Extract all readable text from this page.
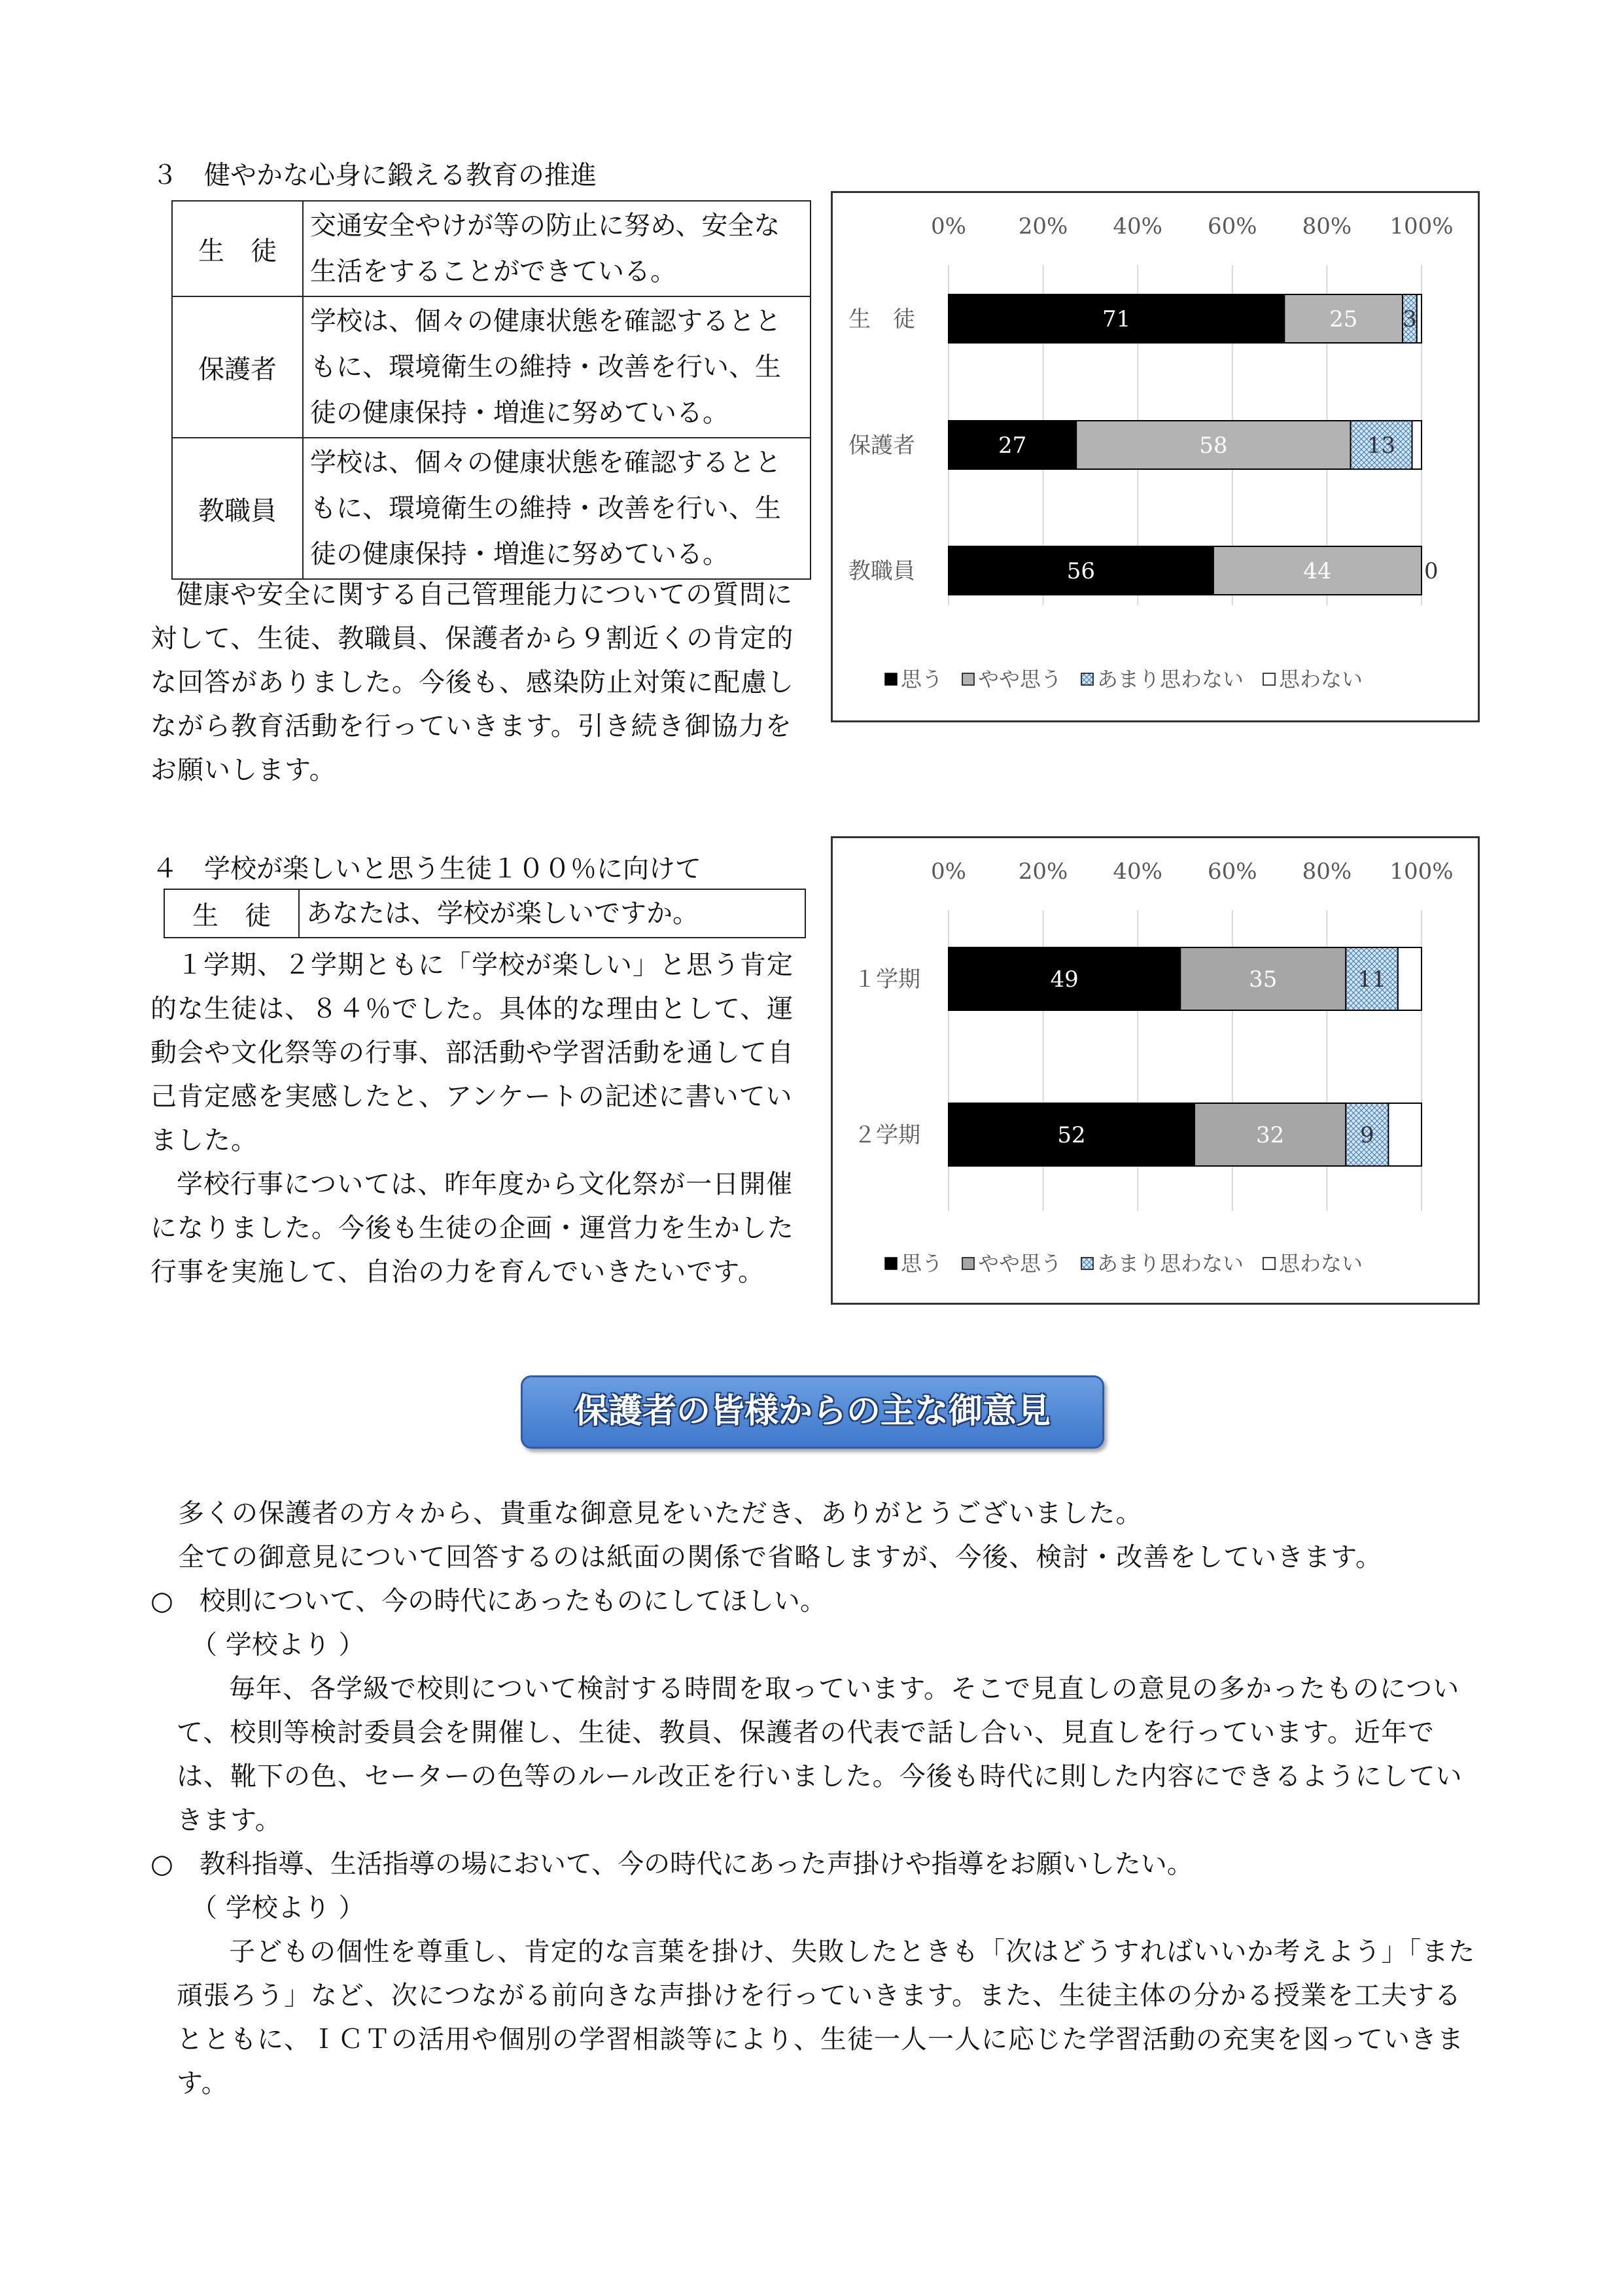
３　健やかな心身に鍛える教育の推進
生　徒	交通安全やけが等の防止に努め、安全な生活をすることができている。
保護者	学校は、個々の健康状態を確認するとともに、環境衛生の維持・改善を行い、生徒の健康保持・増進に努めている。
教職員	学校は、個々の健康状態を確認するとともに、環境衛生の維持・改善を行い、生徒の健康保持・増進に努めている。

健康や安全に関する自己管理能力についての質問に対して、生徒、教職員、保護者から９割近くの肯定的な回答がありました。今後も、感染防止対策に配慮しながら教育活動を行っていきます。引き続き御協力をお願いします。

0% 20% 40% 60% 80% 100%
生　徒	71	25 3
保護者	27	58	13
教職員	56	44	0
思う やや思う あまり思わない 思わない
４　学校が楽しいと思う生徒１００％に向けて
生　徒	あなたは、学校が楽しいですか。

１学期、２学期ともに「学校が楽しい」と思う肯定的な生徒は、８４％でした。具体的な理由として、運動会や文化祭等の行事、部活動や学習活動を通して自己肯定感を実感したと、アンケートの記述に書いていました。

学校行事については、昨年度から文化祭が一日開催になりました。今後も生徒の企画・運営力を生かした行事を実施して、自治の力を育んでいきたいです。

0% 20% 40% 60% 80% 100%
１学期	49	35	11
２学期	52	32	9
思う やや思う あまり思わない 思わない
保護者の皆様からの主な御意見
多くの保護者の方々から、貴重な御意見をいただき、ありがとうございました。
全ての御意見について回答するのは紙面の関係で省略しますが、今後、検討・改善をしていきます。
○ 校則について、今の時代にあったものにしてほしい。
（ 学校より ）

毎年、各学級で校則について検討する時間を取っています。そこで見直しの意見の多かったものについて、校則等検討委員会を開催し、生徒、教員、保護者の代表で話し合い、見直しを行っています。近年では、靴下の色、セーターの色等のルール改正を行いました。今後も時代に則した内容にできるようにしていきます。

○ 教科指導、生活指導の場において、今の時代にあった声掛けや指導をお願いしたい。
（ 学校より ）

子どもの個性を尊重し、肯定的な言葉を掛け、失敗したときも「次はどうすればいいか考えよう」「また頑張ろう」など、次につながる前向きな声掛けを行っていきます。また、生徒主体の分かる授業を工夫するとともに、ＩＣＴの活用や個別の学習相談等により、生徒一人一人に応じた学習活動の充実を図っていきます。
